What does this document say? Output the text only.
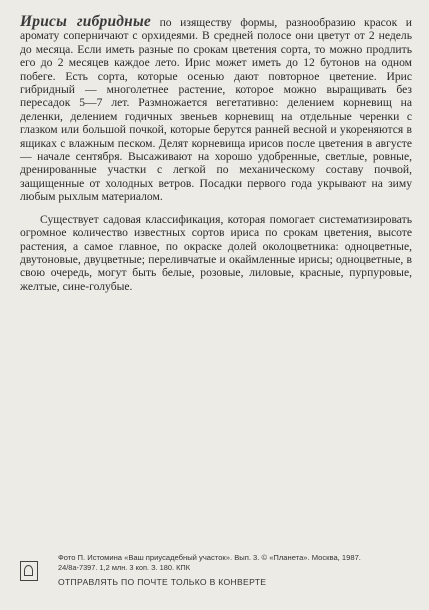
Ирисы гибридные по изяществу формы, разнообразию красок и аромату соперничают с орхидеями. В средней полосе они цветут от 2 недель до месяца. Если иметь разные по срокам цветения сорта, то можно продлить его до 2 месяцев каждое лето. Ирис может иметь до 12 бутонов на одном побеге. Есть сорта, которые осенью дают повторное цветение. Ирис гибридный — многолетнее растение, которое можно выращивать без пересадок 5—7 лет. Размножается вегетативно: делением корневищ на деленки, делением годичных звеньев корневищ на отдельные черенки с глазком или большой почкой, которые берутся ранней весной и укореняются в ящиках с влажным песком. Делят корневища ирисов после цветения в августе — начале сентября. Высаживают на хорошо удобренные, светлые, ровные, дренированные участки с легкой по механическому составу почвой, защищенные от холодных ветров. Посадки первого года укрывают на зиму любым рыхлым материалом.

Существует садовая классификация, которая помогает систематизировать огромное количество известных сортов ириса по срокам цветения, высоте растения, а самое главное, по окраске долей околоцветника: одноцветные, двутоновые, двуцветные; переливчатые и окаймленные ирисы; одноцветные, в свою очередь, могут быть белые, розовые, лиловые, красные, пурпуровые, желтые, сине-голубые.

Фото П. Истомина «Ваш приусадебный участок». Вып. 3. © «Планета». Москва, 1987.

24/8а-7397. 1,2 млн. 3 коп. З. 180. КПК

ОТПРАВЛЯТЬ ПО ПОЧТЕ ТОЛЬКО В КОНВЕРТЕ
